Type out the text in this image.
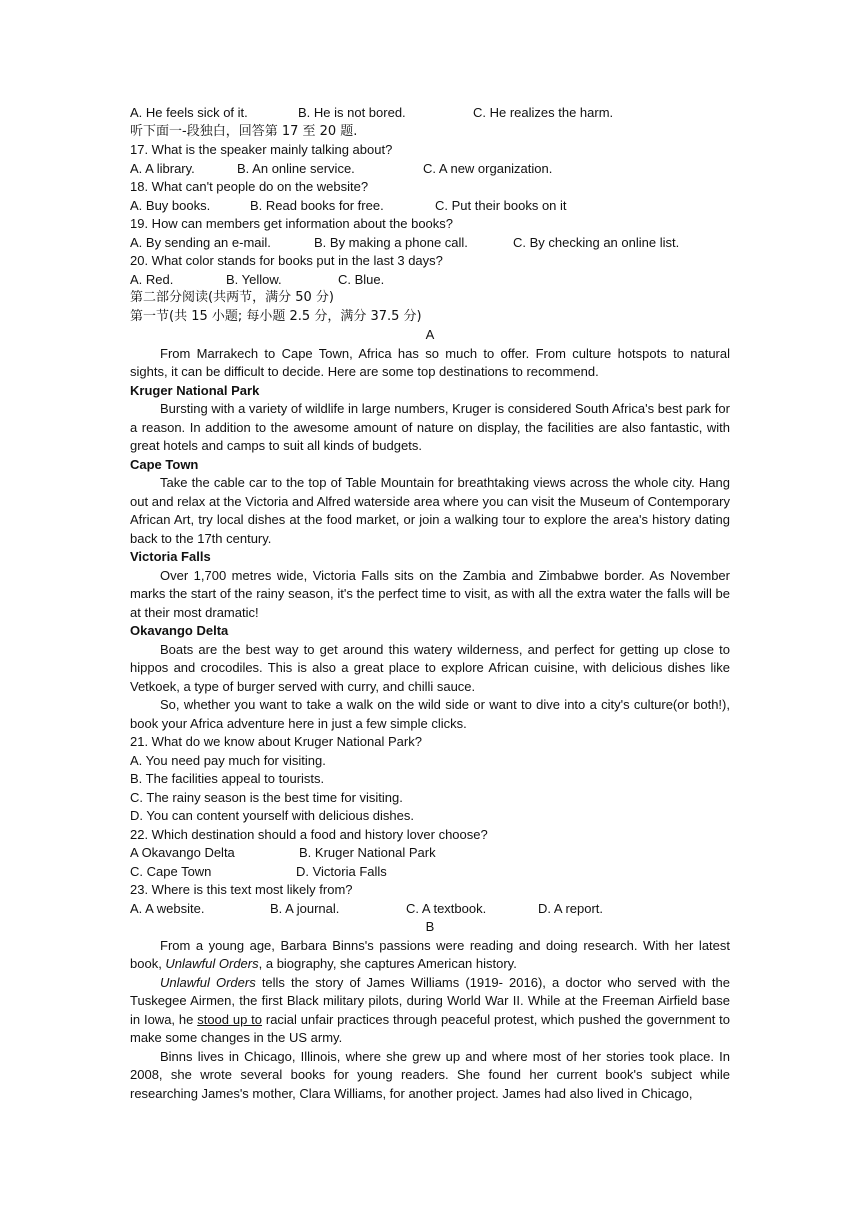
A. He feels sick of it.	B. He is not bored.	C. He realizes the harm.
听下面一-段独白，回答第 17 至 20 题.
17. What is the speaker mainly talking about?
A. A library.	B. An online service.	C. A new organization.
18. What can't people do on the website?
A. Buy books.	B. Read books for free.	C. Put their books on it
19. How can members get information about the books?
A. By sending an e-mail.	B. By making a phone call.	C. By checking an online list.
20. What color stands for books put in the last 3 days?
A. Red.	B. Yellow.	C. Blue.
第二部分阅读(共两节，满分 50 分)
第一节(共 15 小题; 每小题 2.5 分，满分 37.5 分)
A

From Marrakech to Cape Town, Africa has so much to offer. From culture hotspots to natural sights, it can be difficult to decide. Here are some top destinations to recommend.

Kruger National Park

Bursting with a variety of wildlife in large numbers, Kruger is considered South Africa's best park for a reason. In addition to the awesome amount of nature on display, the facilities are also fantastic, with great hotels and camps to suit all kinds of budgets.

Cape Town

Take the cable car to the top of Table Mountain for breathtaking views across the whole city. Hang out and relax at the Victoria and Alfred waterside area where you can visit the Museum of Contemporary African Art, try local dishes at the food market, or join a walking tour to explore the area's history dating back to the 17th century.

Victoria Falls

Over 1,700 metres wide, Victoria Falls sits on the Zambia and Zimbabwe border. As November marks the start of the rainy season, it's the perfect time to visit, as with all the extra water the falls will be at their most dramatic!

Okavango Delta

Boats are the best way to get around this watery wilderness, and perfect for getting up close to hippos and crocodiles. This is also a great place to explore African cuisine, with delicious dishes like Vetkoek, a type of burger served with curry, and chilli sauce.

So, whether you want to take a walk on the wild side or want to dive into a city's culture(or both!), book your Africa adventure here in just a few simple clicks.

21. What do we know about Kruger National Park?
A. You need pay much for visiting.
B. The facilities appeal to tourists.
C. The rainy season is the best time for visiting.
D. You can content yourself with delicious dishes.
22. Which destination should a food and history lover choose?
A Okavango Delta	B. Kruger National Park
C. Cape Town	D. Victoria Falls
23. Where is this text most likely from?
A. A website.	B. A journal.	C. A textbook.	D. A report.
B

From a young age, Barbara Binns's passions were reading and doing research. With her latest book, Unlawful Orders, a biography, she captures American history.

Unlawful Orders tells the story of James Williams (1919- 2016), a doctor who served with the Tuskegee Airmen, the first Black military pilots, during World War II. While at the Freeman Airfield base in Iowa, he stood up to racial unfair practices through peaceful protest, which pushed the government to make some changes in the US army.

Binns lives in Chicago, Illinois, where she grew up and where most of her stories took place. In 2008, she wrote several books for young readers. She found her current book's subject while researching James's mother, Clara Williams, for another project. James had also lived in Chicago,
